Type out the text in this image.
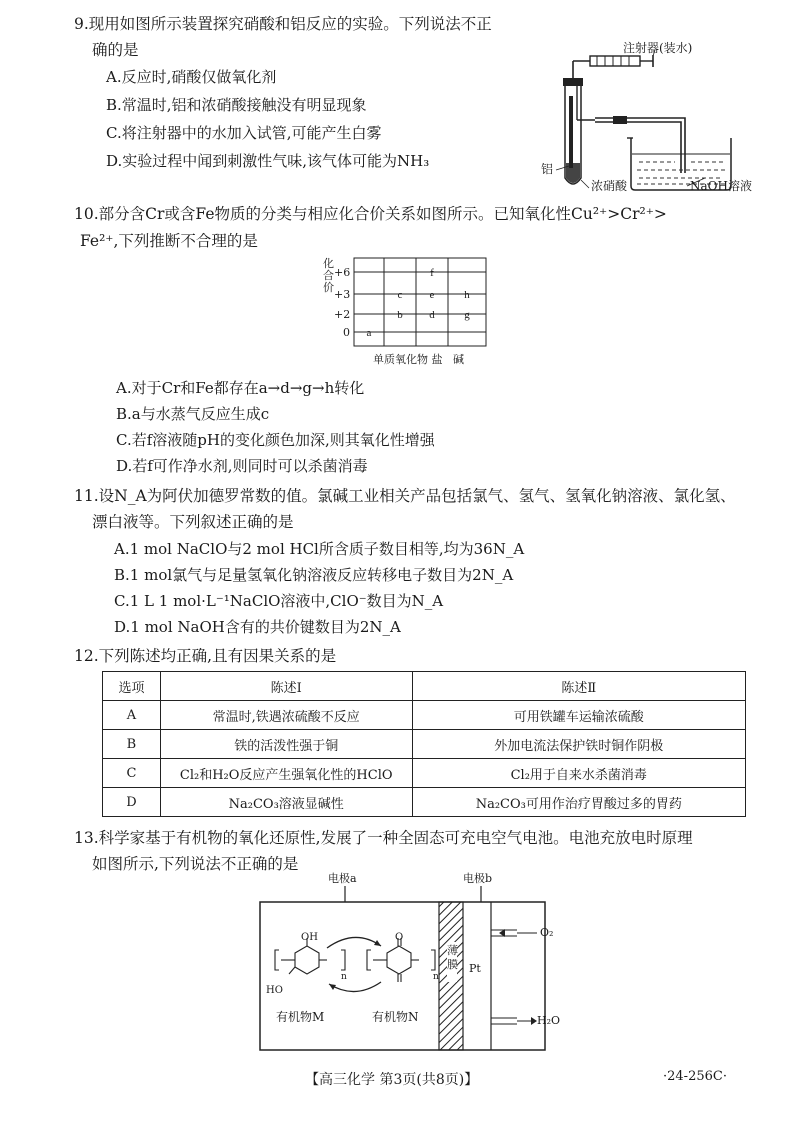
9.现用如图所示装置探究硝酸和铝反应的实验。下列说法不正
确的是
A.反应时,硝酸仅做氧化剂
B.常温时,铝和浓硝酸接触没有明显现象
C.将注射器中的水加入试管,可能产生白雾
D.实验过程中闻到刺激性气味,该气体可能为NH₃
注射器(装水)
铝
浓硝酸	NaOH溶液
10.部分含Cr或含Fe物质的分类与相应化合价关系如图所示。已知氧化性Cu²⁺>Cr²⁺>
Fe²⁺,下列推断不合理的是
f
c e	h
b d	g
a
化
合
价
+6
+3
+2
0
单质氧化物 盐   碱
A.对于Cr和Fe都存在a→d→g→h转化
B.a与水蒸气反应生成c
C.若f溶液随pH的变化颜色加深,则其氧化性增强
D.若f可作净水剂,则同时可以杀菌消毒
11.设N_A为阿伏加德罗常数的值。氯碱工业相关产品包括氯气、氢气、氢氧化钠溶液、氯化氢、
漂白液等。下列叙述正确的是
A.1 mol NaClO与2 mol HCl所含质子数目相等,均为36N_A
B.1 mol氯气与足量氢氧化钠溶液反应转移电子数目为2N_A
C.1 L 1 mol·L⁻¹NaClO溶液中,ClO⁻数目为N_A
D.1 mol NaOH含有的共价键数目为2N_A
12.下列陈述均正确,且有因果关系的是
选项	陈述Ⅰ	陈述Ⅱ
A	常温时,铁遇浓硫酸不反应	可用铁罐车运输浓硫酸
B	铁的活泼性强于铜	外加电流法保护铁时铜作阴极
C	Cl₂和H₂O反应产生强氧化性的HClO	Cl₂用于自来水杀菌消毒
D	Na₂CO₃溶液显碱性	Na₂CO₃可用作治疗胃酸过多的胃药
13.科学家基于有机物的氧化还原性,发展了一种全固态可充电空气电池。电池充放电时原理
如图所示,下列说法不正确的是
电极a	电极b
薄膜 Pt
O₂
H₂O
OH
HO
O
n	n
有机物M	有机物N
【高三化学 第3页(共8页)】	·24-256C·
